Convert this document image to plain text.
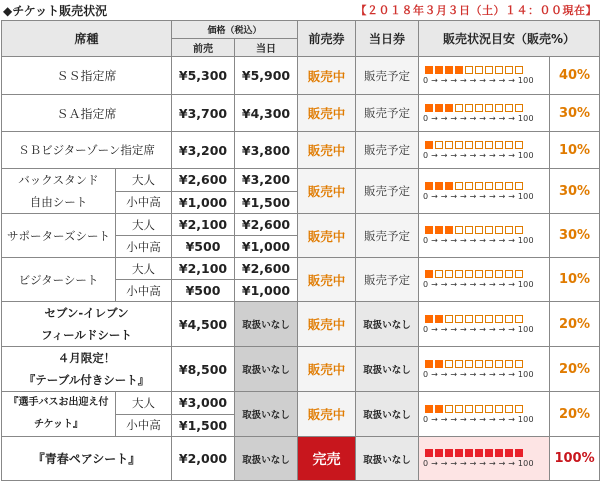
◆チケット販売状況	【２０１８年３月３日（土）１４：００現在】
席種		価格（税込）		前売券	当日券	販売状況目安（販売%）	
		前売	当日				
ＳＳ指定席		¥5,300	¥5,900	販売中	販売予定	0 → → → → → → → → → 100	40%
ＳＡ指定席		¥3,700	¥4,300	販売中	販売予定	0 → → → → → → → → → 100	30%
ＳＢビジターゾーン指定席		¥3,200	¥3,800	販売中	販売予定	0 → → → → → → → → → 100	10%

バックスタンド
自由シート	大人	¥2,600	¥3,200	販売中	販売予定	0 → → → → → → → → → 100	30%
	小中高	¥1,000	¥1,500				
サポーターズシート	大人	¥2,100	¥2,600	販売中	販売予定	0 → → → → → → → → → 100	30%
	小中高	¥500	¥1,000				
ビジターシート	大人	¥2,100	¥2,600	販売中	販売予定	0 → → → → → → → → → 100	10%
	小中高	¥500	¥1,000				

セブン-イレブン
フィールドシート		¥4,500	取扱いなし	販売中	取扱いなし	0 → → → → → → → → → 100	20%

４月限定！
『テーブル付きシート』		¥8,500	取扱いなし	販売中	取扱いなし	0 → → → → → → → → → 100	20%

『選手バスお出迎え付
チケット』	大人	¥3,000	取扱いなし	販売中	取扱いなし	0 → → → → → → → → → 100	20%
	小中高	¥1,500					
『青春ペアシート』		¥2,000	取扱いなし	完売	取扱いなし	0 → → → → → → → → → 100	100%
